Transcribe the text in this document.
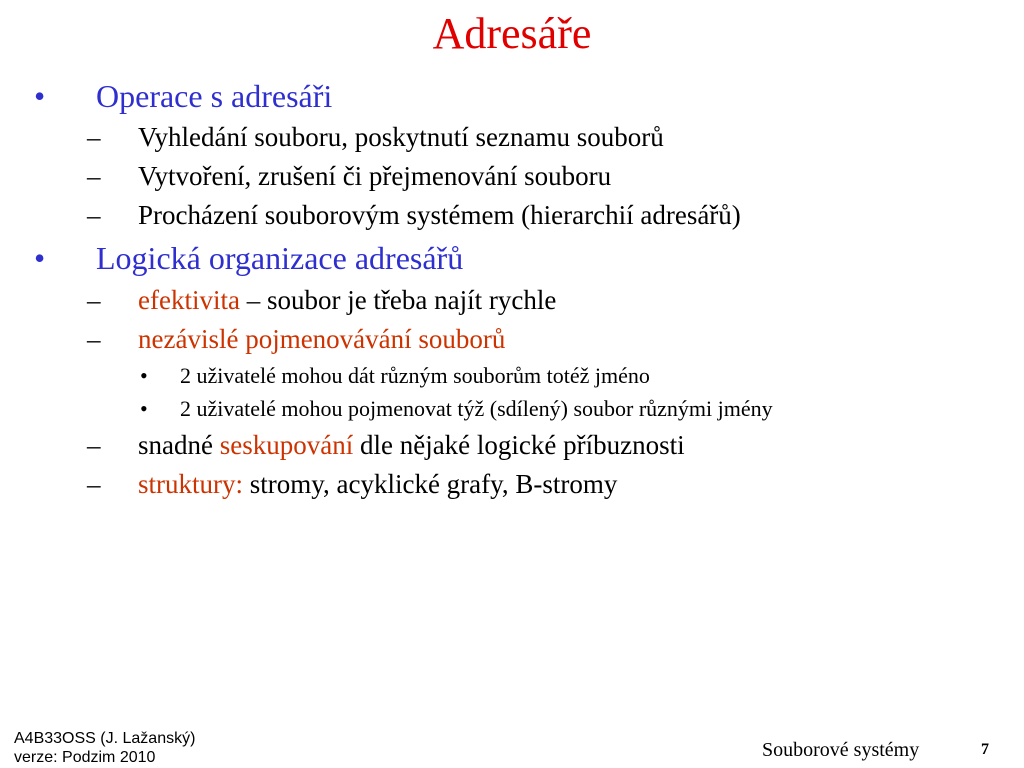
Adresáře
• Operace s adresáři
– Vyhledání souboru, poskytnutí seznamu souborů
– Vytvoření, zrušení či přejmenování souboru
– Procházení souborovým systémem (hierarchií adresářů)
• Logická organizace adresářů
– efektivita – soubor je třeba najít rychle
– nezávislé pojmenovávání souborů
• 2 uživatelé mohou dát různým souborům totéž jméno
• 2 uživatelé mohou pojmenovat týž (sdílený) soubor různými jmény
– snadné seskupování dle nějaké logické příbuznosti
– struktury: stromy, acyklické grafy, B-stromy
A4B33OSS (J. Lažanský)
verze: Podzim 2010	Souborové systémy	7
